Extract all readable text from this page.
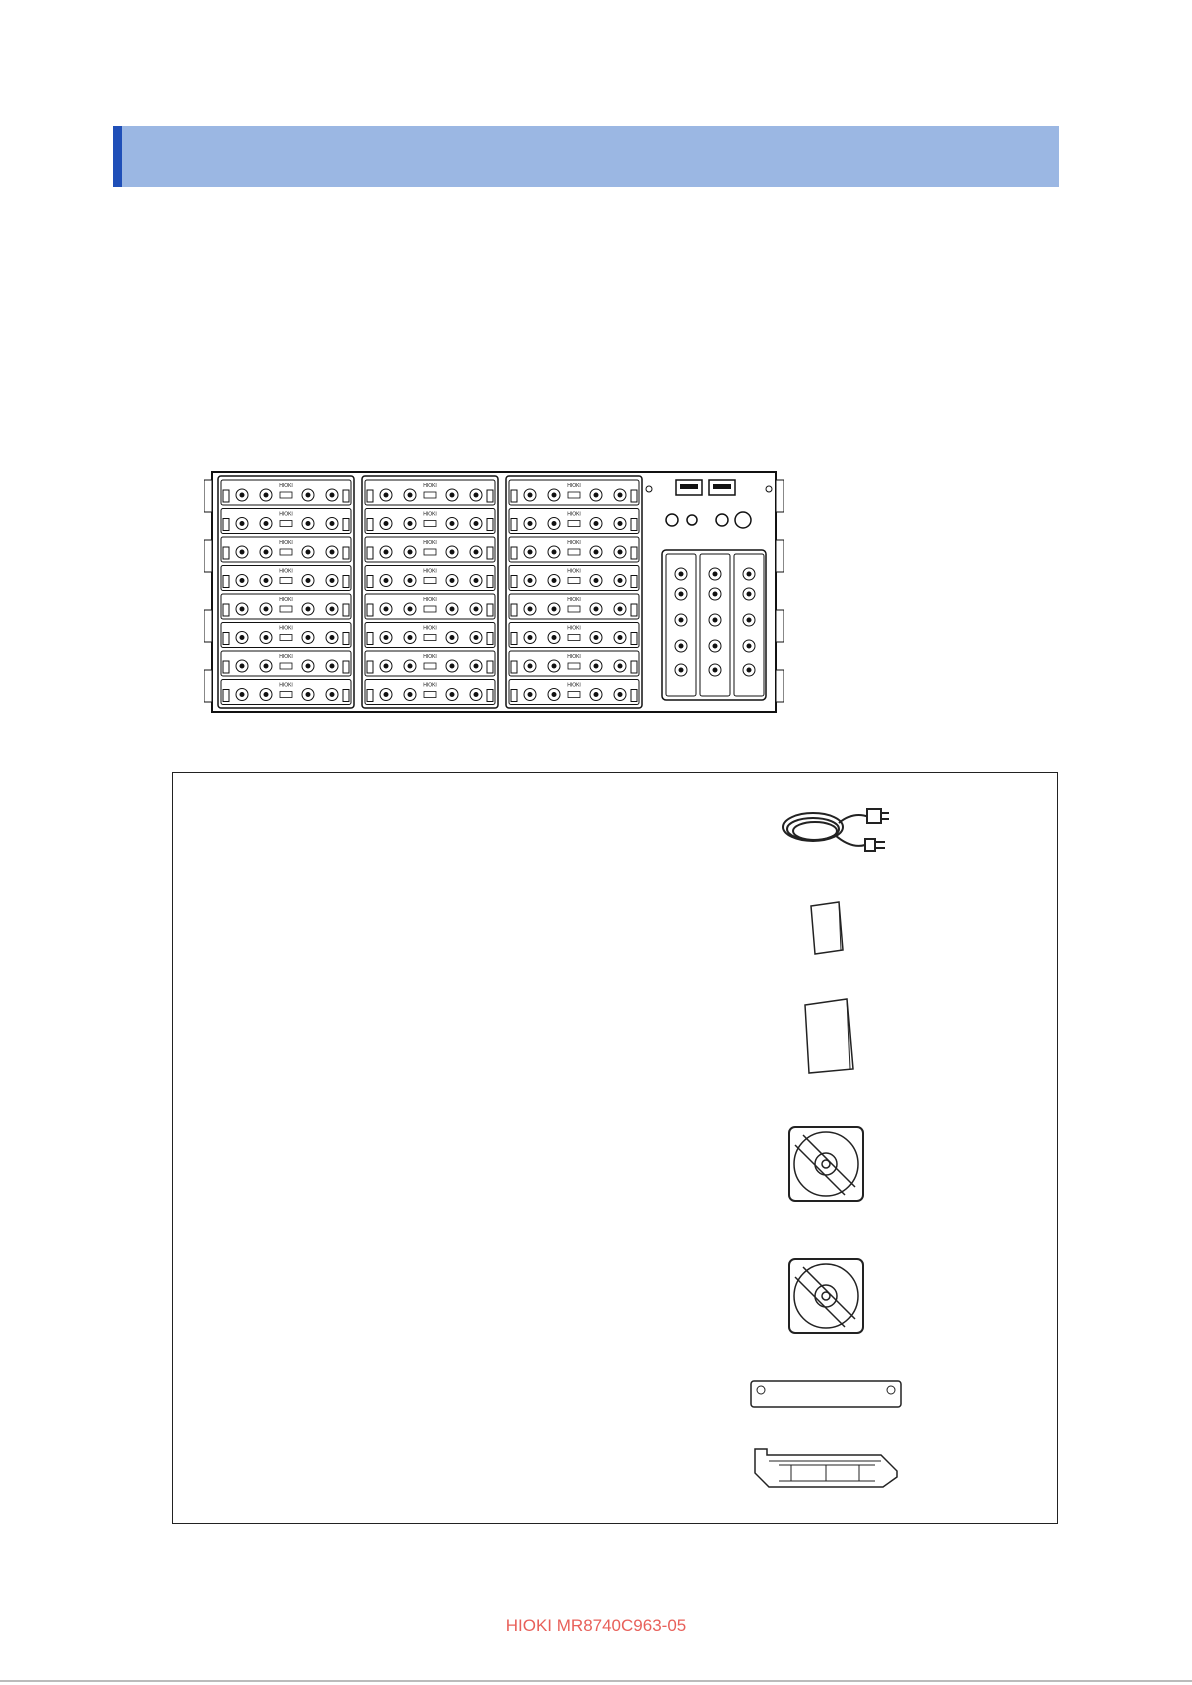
HIOKI
HIOKI
HIOKI
HIOKI
HIOKI
HIOKI
HIOKI
HIOKI
HIOKI
HIOKI
HIOKI
HIOKI
HIOKI
HIOKI
HIOKI
HIOKI
HIOKI
HIOKI
HIOKI
HIOKI
HIOKI
HIOKI
HIOKI
HIOKI
HIOKI MR8740C963-05
